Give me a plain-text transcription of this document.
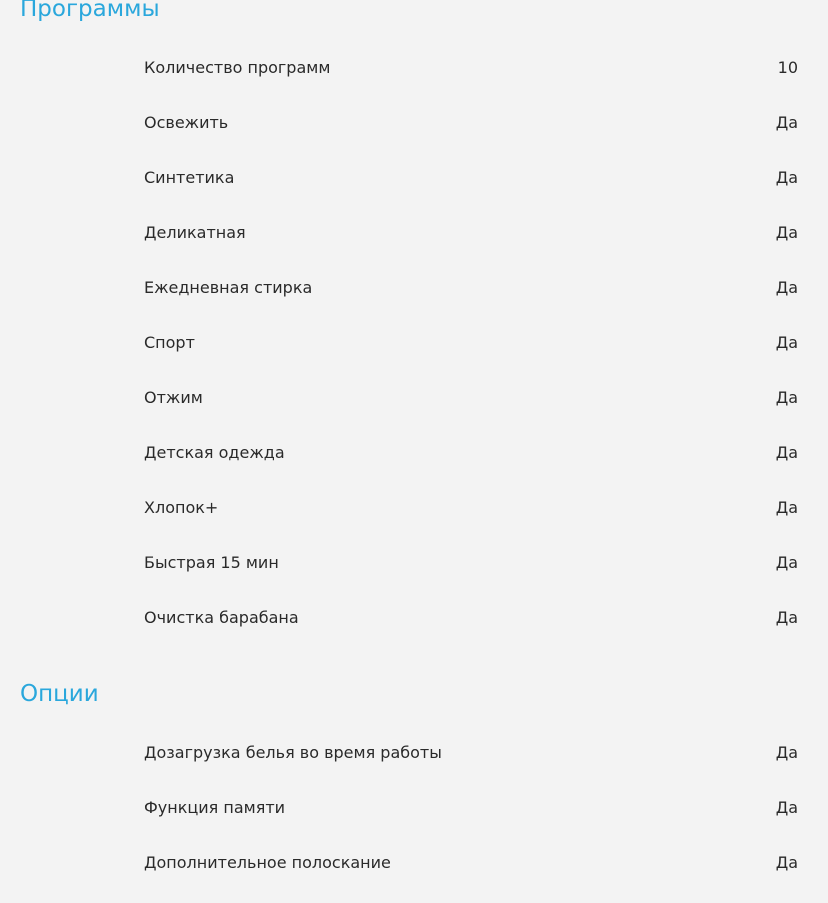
Программы
Количество программ	10
Освежить	Да
Синтетика	Да
Деликатная	Да
Ежедневная стирка	Да
Спорт	Да
Отжим	Да
Детская одежда	Да
Хлопок+	Да
Быстрая 15 мин	Да
Очистка барабана	Да
Опции
Дозагрузка белья во время работы	Да
Функция памяти	Да
Дополнительное полоскание	Да
